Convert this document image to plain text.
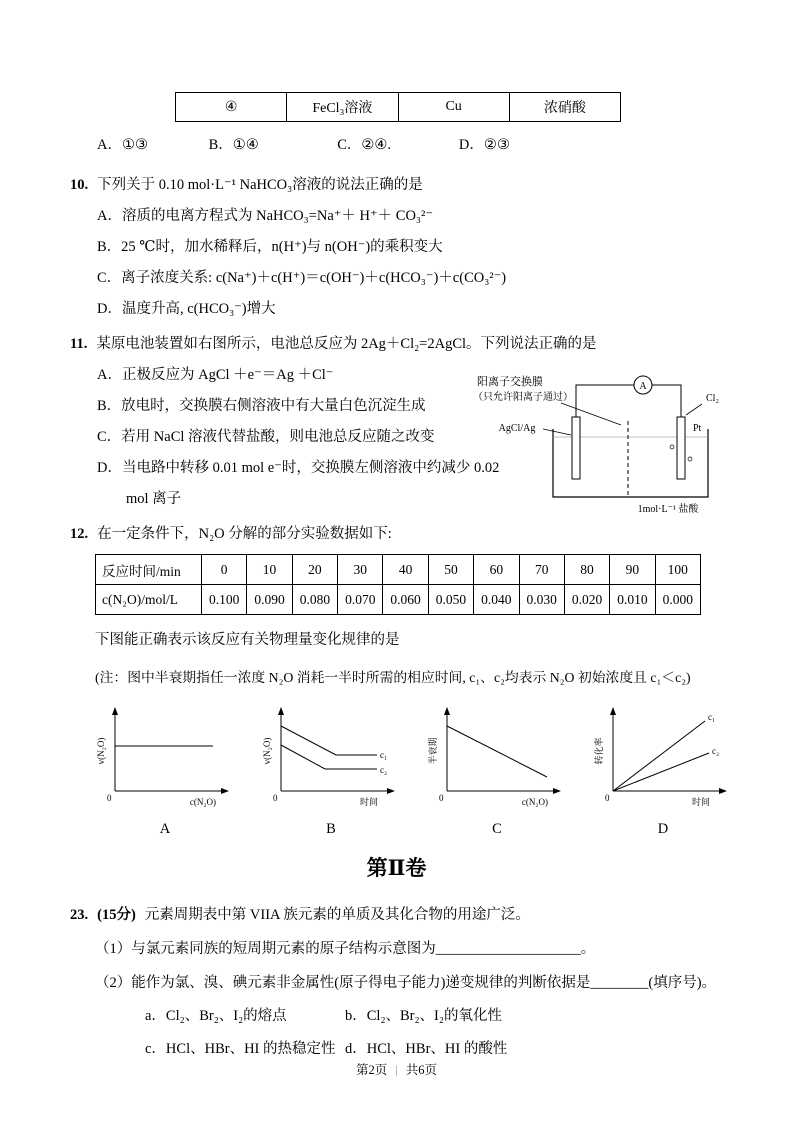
④	FeCl₃溶液	Cu	浓硝酸
A．①③	B．①④	C．②④.	D．②③
10. 下列关于 0.10 mol·L⁻¹ NaHCO₃溶液的说法正确的是
A．溶质的电离方程式为 NaHCO₃=Na⁺＋ H⁺＋ CO₃²⁻
B．25 ℃时，加水稀释后，n(H⁺)与 n(OH⁻)的乘积变大
C．离子浓度关系: c(Na⁺)＋c(H⁺)＝c(OH⁻)＋c(HCO₃⁻)＋c(CO₃²⁻)
D．温度升高, c(HCO₃⁻)增大
11. 某原电池装置如右图所示，电池总反应为 2Ag＋Cl₂=2AgCl。下列说法正确的是
A．正极反应为 AgCl ＋e⁻＝Ag ＋Cl⁻
B．放电时，交换膜右侧溶液中有大量白色沉淀生成
C．若用 NaCl 溶液代替盐酸，则电池总反应随之改变
D．当电路中转移 0.01 mol e⁻时，交换膜左侧溶液中约减少 0.02 mol 离子
阳离子交换膜
（只允许阳离子通过）
A
AgCl/Ag
Cl₂
Pt
1mol·L⁻¹ 盐酸
12. 在一定条件下，N₂O 分解的部分实验数据如下:
反应时间/min	0	10	20	30	40	50	60	70	80	90	100
c(N₂O)/mol/L	0.100	0.090	0.080	0.070	0.060	0.050	0.040	0.030	0.020	0.010	0.000
下图能正确表示该反应有关物理量变化规律的是
(注：图中半衰期指任一浓度 N₂O 消耗一半时所需的相应时间, c₁、c₂均表示 N₂O 初始浓度且 c₁＜c₂)
0
v(N₂O)
c(N₂O)
A
0
v(N₂O)
时间
c₁
c₂
B
0
半衰期
c(N₂O)
C
0
转化率
时间
c₁
c₂
D
第Ⅱ卷
23. (15分) 元素周期表中第 VIIA 族元素的单质及其化合物的用途广泛。
（1）与氯元素同族的短周期元素的原子结构示意图为____________________。
（2）能作为氯、溴、碘元素非金属性(原子得电子能力)递变规律的判断依据是________(填序号)。
a．Cl₂、Br₂、I₂的熔点	b．Cl₂、Br₂、I₂的氧化性
c．HCl、HBr、HI 的热稳定性 d．HCl、HBr、HI 的酸性
第2页 | 共6页
